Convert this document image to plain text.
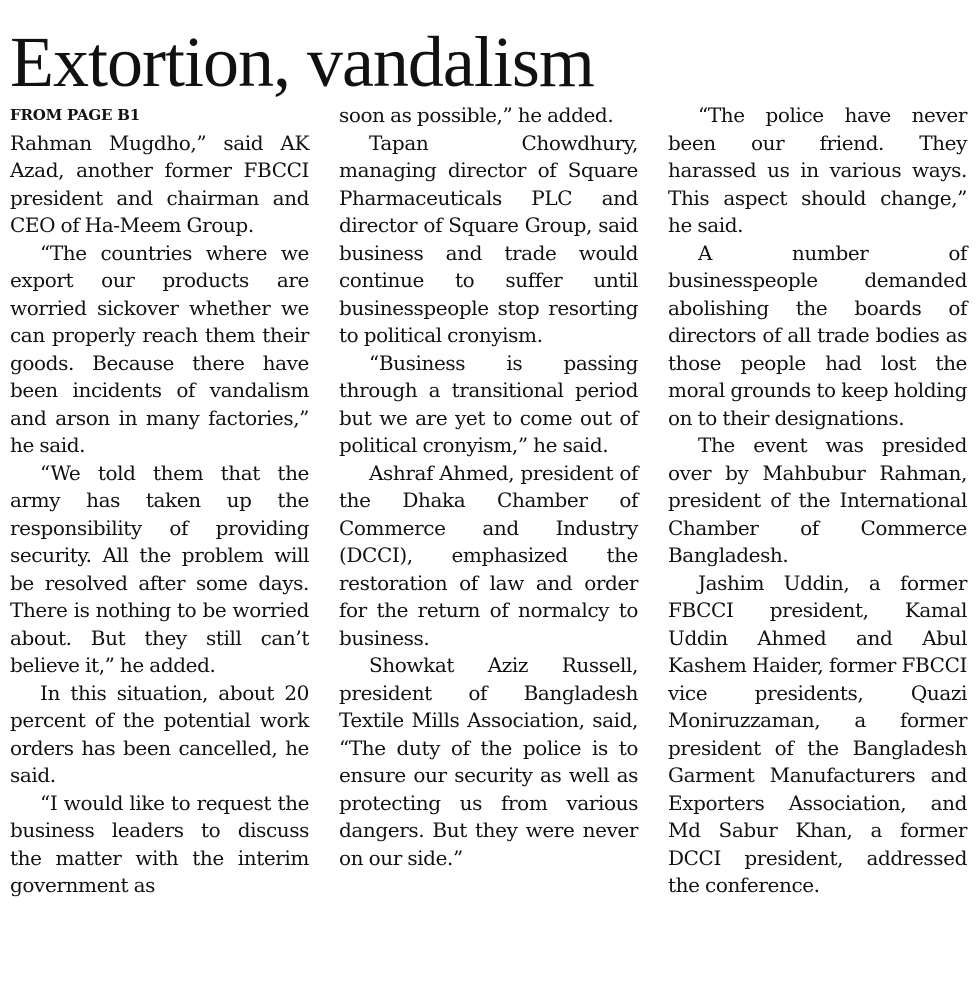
Extortion, vandalism

FROM PAGE B1

Rahman Mugdho,” said AK Azad, another former FBCCI president and chairman and CEO of Ha-Meem Group.

“The countries where we export our products are worried sickover whether we can properly reach them their goods. Because there have been incidents of vandalism and arson in many factories,” he said.

“We told them that the army has taken up the responsibility of providing security. All the problem will be resolved after some days. There is nothing to be worried about. But they still can’t believe it,” he added.

In this situation, about 20 percent of the potential work orders has been cancelled, he said.

“I would like to request the business leaders to discuss the matter with the interim government as

soon as possible,” he added.

Tapan Chowdhury, managing director of Square Pharmaceuticals PLC and director of Square Group, said business and trade would continue to suffer until businesspeople stop resorting to political cronyism.

“Business is passing through a transitional period but we are yet to come out of political cronyism,” he said.

Ashraf Ahmed, president of the Dhaka Chamber of Commerce and Industry (DCCI), emphasized the restoration of law and order for the return of normalcy to business.

Showkat Aziz Russell, president of Bangladesh Textile Mills Association, said, “The duty of the police is to ensure our security as well as protecting us from various dangers. But they were never on our side.”

“The police have never been our friend. They harassed us in various ways. This aspect should change,” he said.

A number of businesspeople demanded abolishing the boards of directors of all trade bodies as those people had lost the moral grounds to keep holding on to their designations.

The event was presided over by Mahbubur Rahman, president of the International Chamber of Commerce Bangladesh.

Jashim Uddin, a former FBCCI president, Kamal Uddin Ahmed and Abul Kashem Haider, former FBCCI vice presidents, Quazi Moniruzzaman, a former president of the Bangladesh Garment Manufacturers and Exporters Association, and Md Sabur Khan, a former DCCI president, addressed the conference.
